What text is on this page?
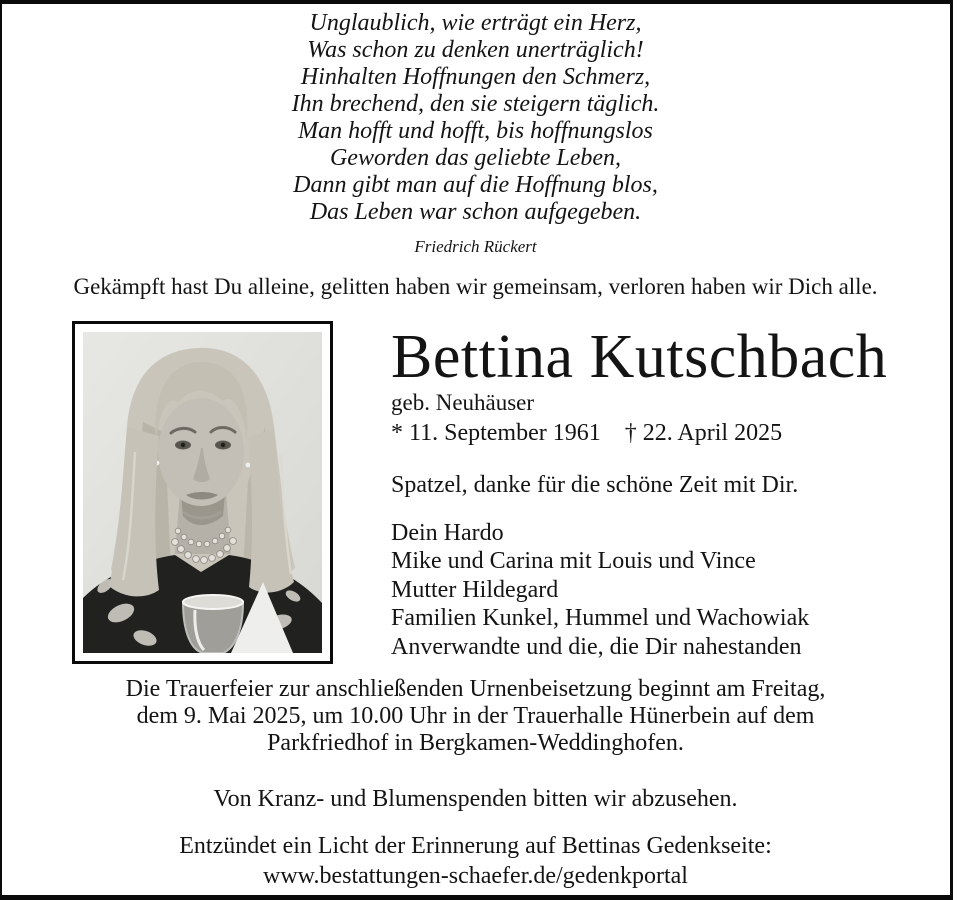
Unglaublich, wie erträgt ein Herz,
Was schon zu denken unerträglich!
Hinhalten Hoffnungen den Schmerz,
Ihn brechend, den sie steigern täglich.
Man hofft und hofft, bis hoffnungslos
Geworden das geliebte Leben,
Dann gibt man auf die Hoffnung blos,
Das Leben war schon aufgegeben.
Friedrich Rückert
Gekämpft hast Du alleine, gelitten haben wir gemeinsam, verloren haben wir Dich alle.
Bettina Kutschbach
geb. Neuhäuser
* 11. September 1961 † 22. April 2025
Spatzel, danke für die schöne Zeit mit Dir.
Dein Hardo
Mike und Carina mit Louis und Vince
Mutter Hildegard
Familien Kunkel, Hummel und Wachowiak
Anverwandte und die, die Dir nahestanden
Die Trauerfeier zur anschließenden Urnenbeisetzung beginnt am Freitag,
dem 9. Mai 2025, um 10.00 Uhr in der Trauerhalle Hünerbein auf dem
Parkfriedhof in Bergkamen-Weddinghofen.
Von Kranz- und Blumenspenden bitten wir abzusehen.
Entzündet ein Licht der Erinnerung auf Bettinas Gedenkseite:
www.bestattungen-schaefer.de/gedenkportal
